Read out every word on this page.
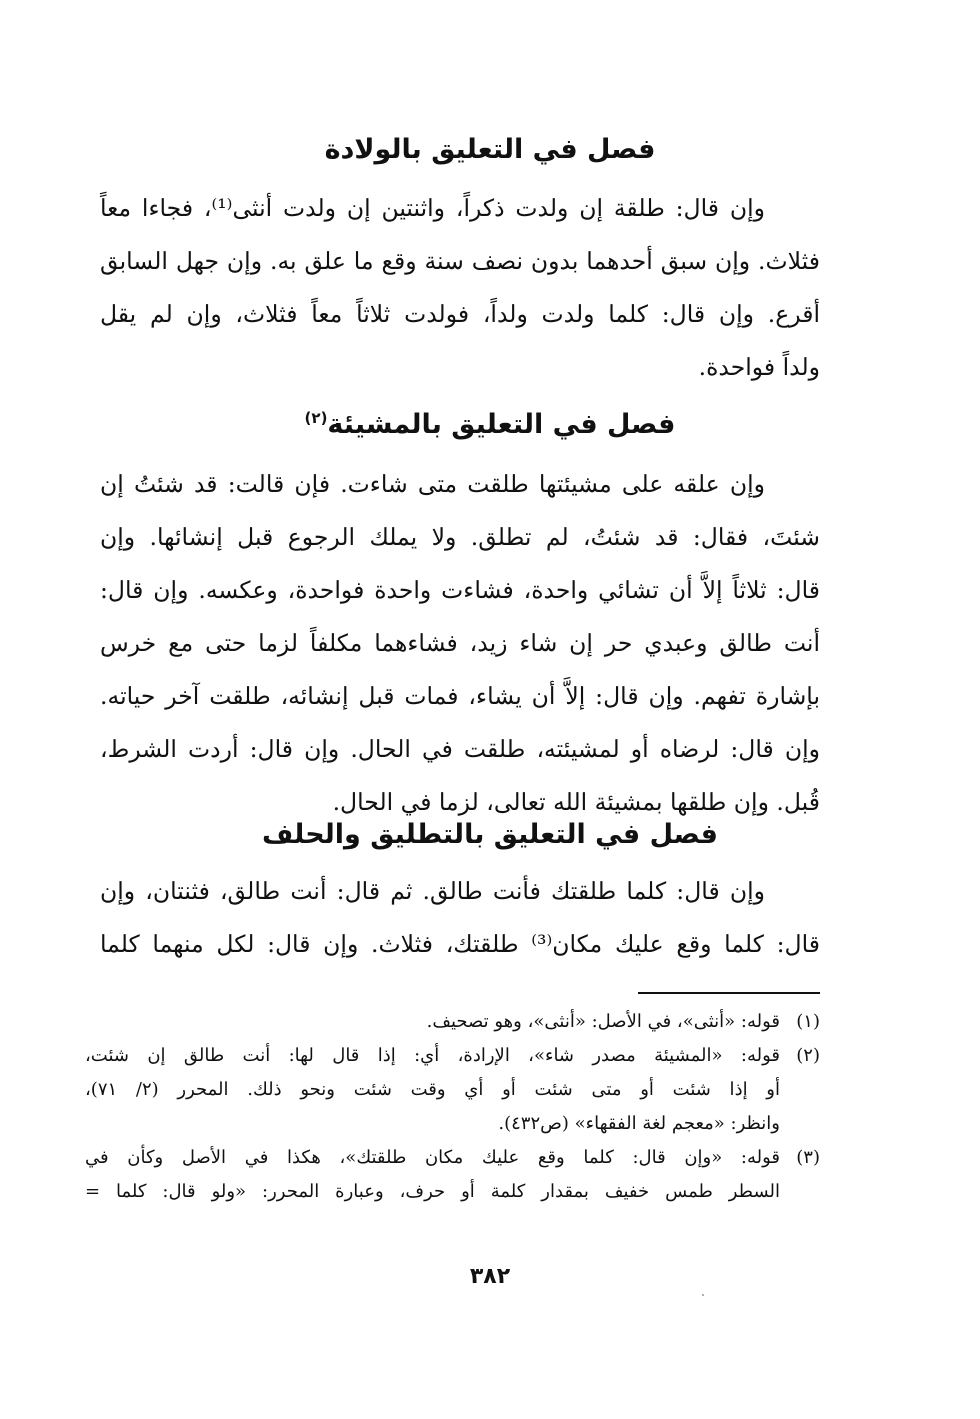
فصل في التعليق بالولادة
وإن قال: طلقة إن ولدت ذكراً، واثنتين إن ولدت أنثى⁽¹⁾، فجاءا معاً
فثلاث. وإن سبق أحدهما بدون نصف سنة وقع ما علق به. وإن جهل السابق
أقرع. وإن قال: كلما ولدت ولداً، فولدت ثلاثاً معاً فثلاث، وإن لم يقل
ولداً فواحدة.
فصل في التعليق بالمشيئة$^{(٢)}$
وإن علقه على مشيئتها طلقت متى شاءت. فإن قالت: قد شئتُ إن
شئتَ، فقال: قد شئتُ، لم تطلق. ولا يملك الرجوع قبل إنشائها. وإن
قال: ثلاثاً إلاَّ أن تشائي واحدة، فشاءت واحدة فواحدة، وعكسه. وإن قال:
أنت طالق وعبدي حر إن شاء زيد، فشاءهما مكلفاً لزما حتى مع خرس
بإشارة تفهم. وإن قال: إلاَّ أن يشاء، فمات قبل إنشائه، طلقت آخر حياته.
وإن قال: لرضاه أو لمشيئته، طلقت في الحال. وإن قال: أردت الشرط،
قُبل. وإن طلقها بمشيئة الله تعالى، لزما في الحال.
فصل في التعليق بالتطليق والحلف
وإن قال: كلما طلقتك فأنت طالق. ثم قال: أنت طالق، فثنتان، وإن
قال: كلما وقع عليك مكان⁽³⁾ طلقتك، فثلاث. وإن قال: لكل منهما كلما
(١)
قوله: «أنثى»، في الأصل: «أنثى»، وهو تصحيف.
(٢)
قوله: «المشيئة مصدر شاء»، الإرادة، أي: إذا قال لها: أنت طالق إن شئت،
أو إذا شئت أو متى شئت أو أي وقت شئت ونحو ذلك. المحرر (٢/ ٧١)،
وانظر: «معجم لغة الفقهاء» (ص٤٣٢).
(٣)
قوله: «وإن قال: كلما وقع عليك مكان طلقتك»، هكذا في الأصل وكأن في
السطر طمس خفيف بمقدار كلمة أو حرف، وعبارة المحرر: «ولو قال: كلما =
٣٨٢
